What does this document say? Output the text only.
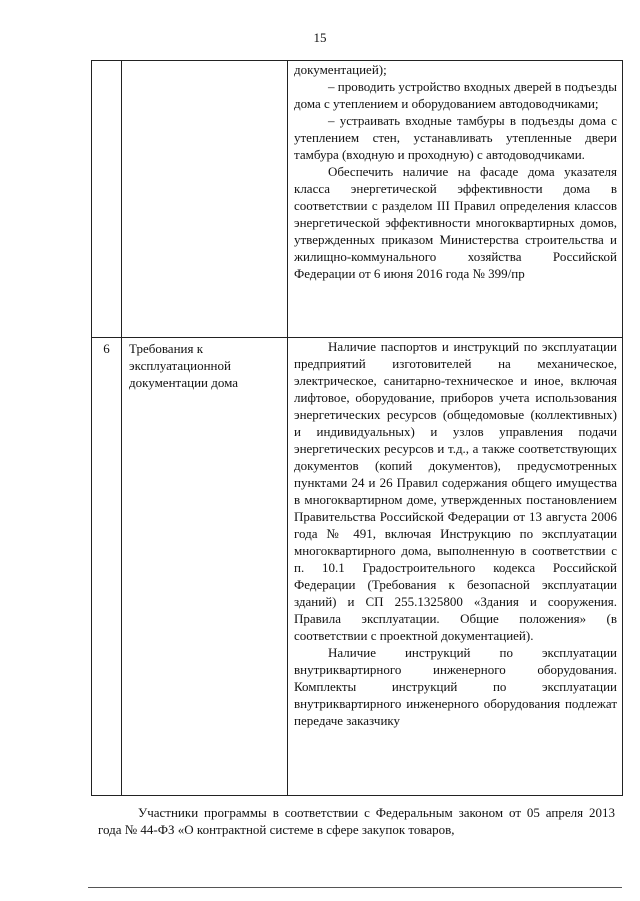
15

		документацией);

– проводить устройство входных дверей в подъезды дома с утеплением и оборудованием автодоводчиками;

– устраивать входные тамбуры в подъезды дома с утеплением стен, устанавливать утепленные двери тамбура (входную и проходную) с автодоводчиками.

Обеспечить наличие на фасаде дома указателя класса энергетической эффективности дома в соответствии с разделом III Правил определения классов энергетической эффективности многоквартирных домов, утвержденных приказом Министерства строительства и жилищно-коммунального хозяйства Российской Федерации от 6 июня 2016 года № 399/пр

6	Требования к эксплуатационной документации дома	Наличие паспортов и инструкций по эксплуатации предприятий изготовителей на механическое, электрическое, санитарно-техническое и иное, включая лифтовое, оборудование, приборов учета использования энергетических ресурсов (общедомовые (коллективных) и индивидуальных) и узлов управления подачи энергетических ресурсов и т.д., а также соответствующих документов (копий документов), предусмотренных пунктами 24 и 26 Правил содержания общего имущества в многоквартирном доме, утвержденных постановлением Правительства Российской Федерации от 13 августа 2006 года № 491, включая Инструкцию по эксплуатации многоквартирного дома, выполненную в соответствии с п. 10.1 Градостроительного кодекса Российской Федерации (Требования к безопасной эксплуатации зданий) и СП 255.1325800 «Здания и сооружения. Правила эксплуатации. Общие положения» (в соответствии с проектной документацией).

Наличие инструкций по эксплуатации внутриквартирного инженерного оборудования. Комплекты инструкций по эксплуатации внутриквартирного инженерного оборудования подлежат передаче заказчику

Участники программы в соответствии с Федеральным законом от 05 апреля 2013 года № 44-ФЗ «О контрактной системе в сфере закупок товаров,
